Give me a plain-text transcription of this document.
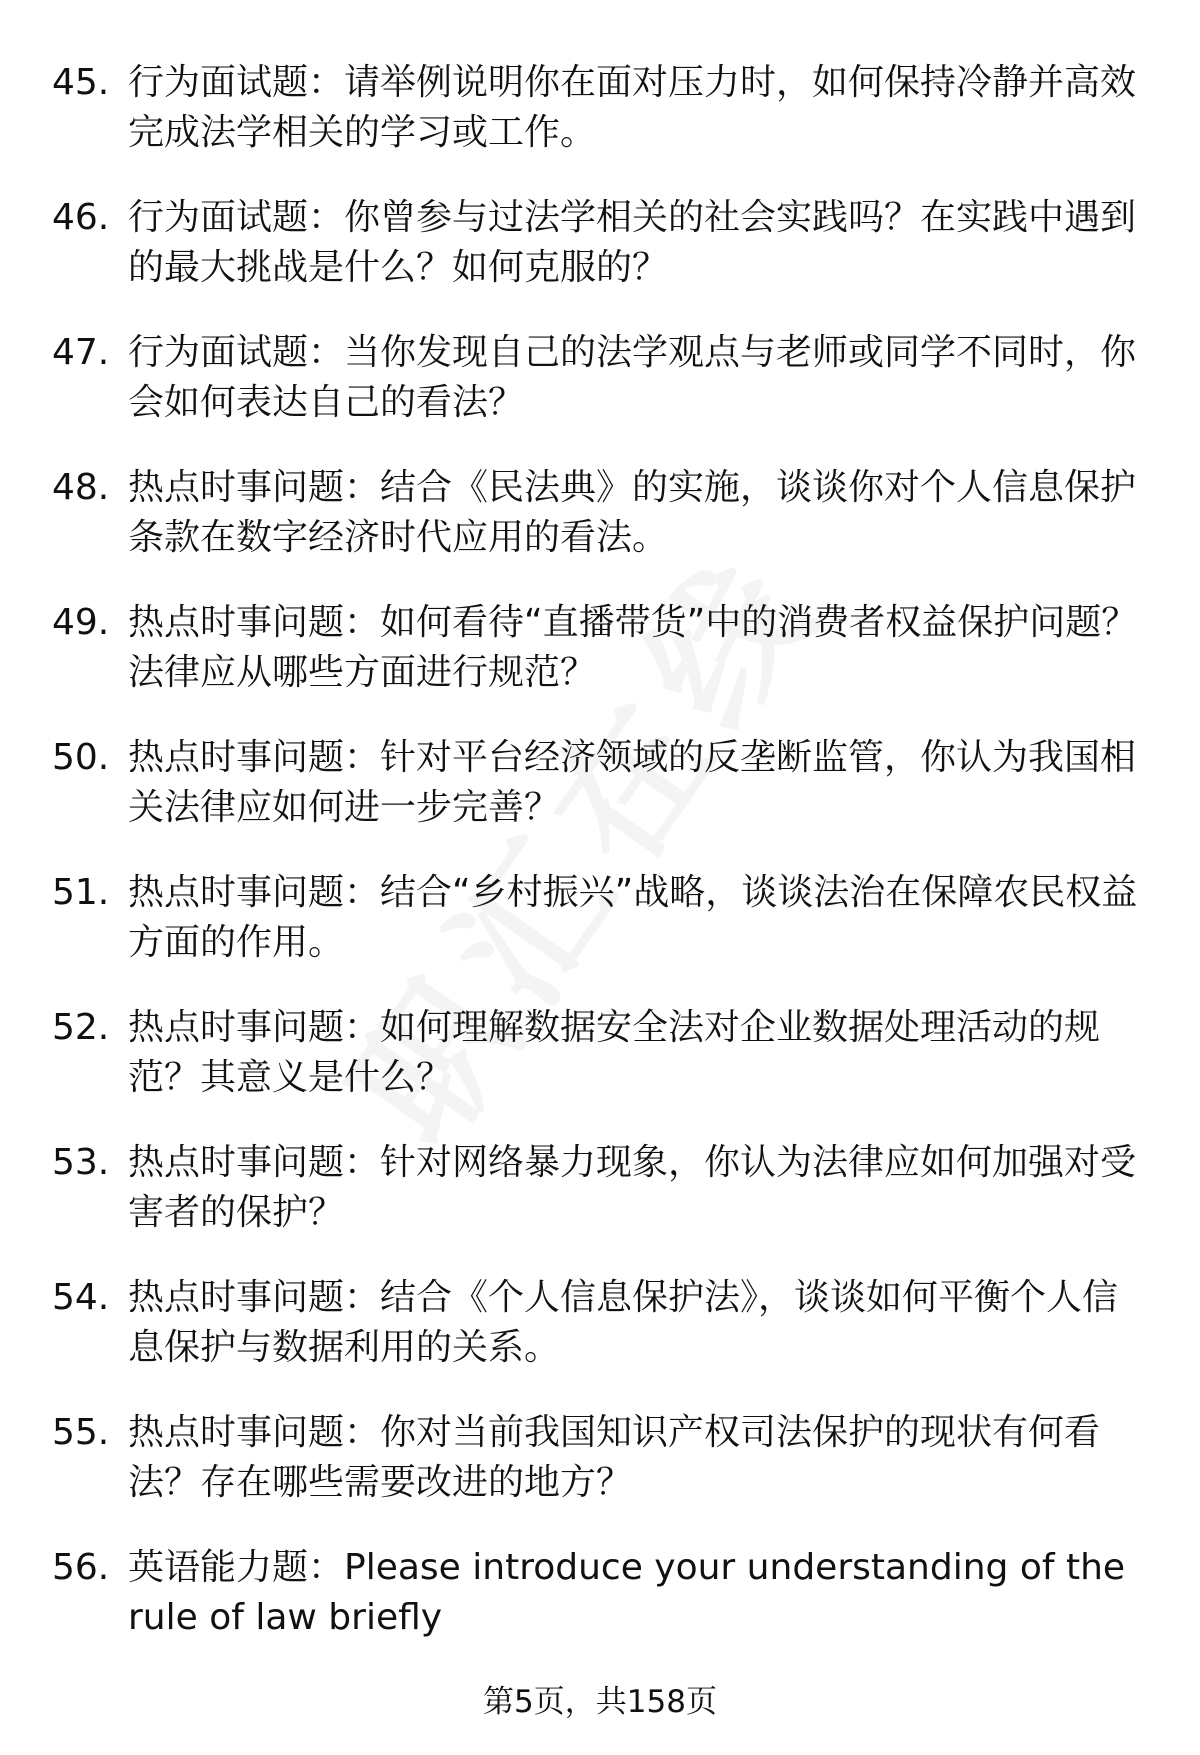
45. 行为面试题：请举例说明你在面对压力时，如何保持冷静并高效完成法学相关的学习或工作。
46. 行为面试题：你曾参与过法学相关的社会实践吗？在实践中遇到的最大挑战是什么？如何克服的？
47. 行为面试题：当你发现自己的法学观点与老师或同学不同时，你会如何表达自己的看法？
48. 热点时事问题：结合《民法典》的实施，谈谈你对个人信息保护条款在数字经济时代应用的看法。
49. 热点时事问题：如何看待“直播带货”中的消费者权益保护问题？法律应从哪些方面进行规范？
50. 热点时事问题：针对平台经济领域的反垄断监管，你认为我国相关法律应如何进一步完善？
51. 热点时事问题：结合“乡村振兴”战略，谈谈法治在保障农民权益方面的作用。
52. 热点时事问题：如何理解数据安全法对企业数据处理活动的规范？其意义是什么？
53. 热点时事问题：针对网络暴力现象，你认为法律应如何加强对受害者的保护？
54. 热点时事问题：结合《个人信息保护法》，谈谈如何平衡个人信息保护与数据利用的关系。
55. 热点时事问题：你对当前我国知识产权司法保护的现状有何看法？存在哪些需要改进的地方？
56. 英语能力题：Please introduce your understanding of the rule of law briefly
第5页，共158页
